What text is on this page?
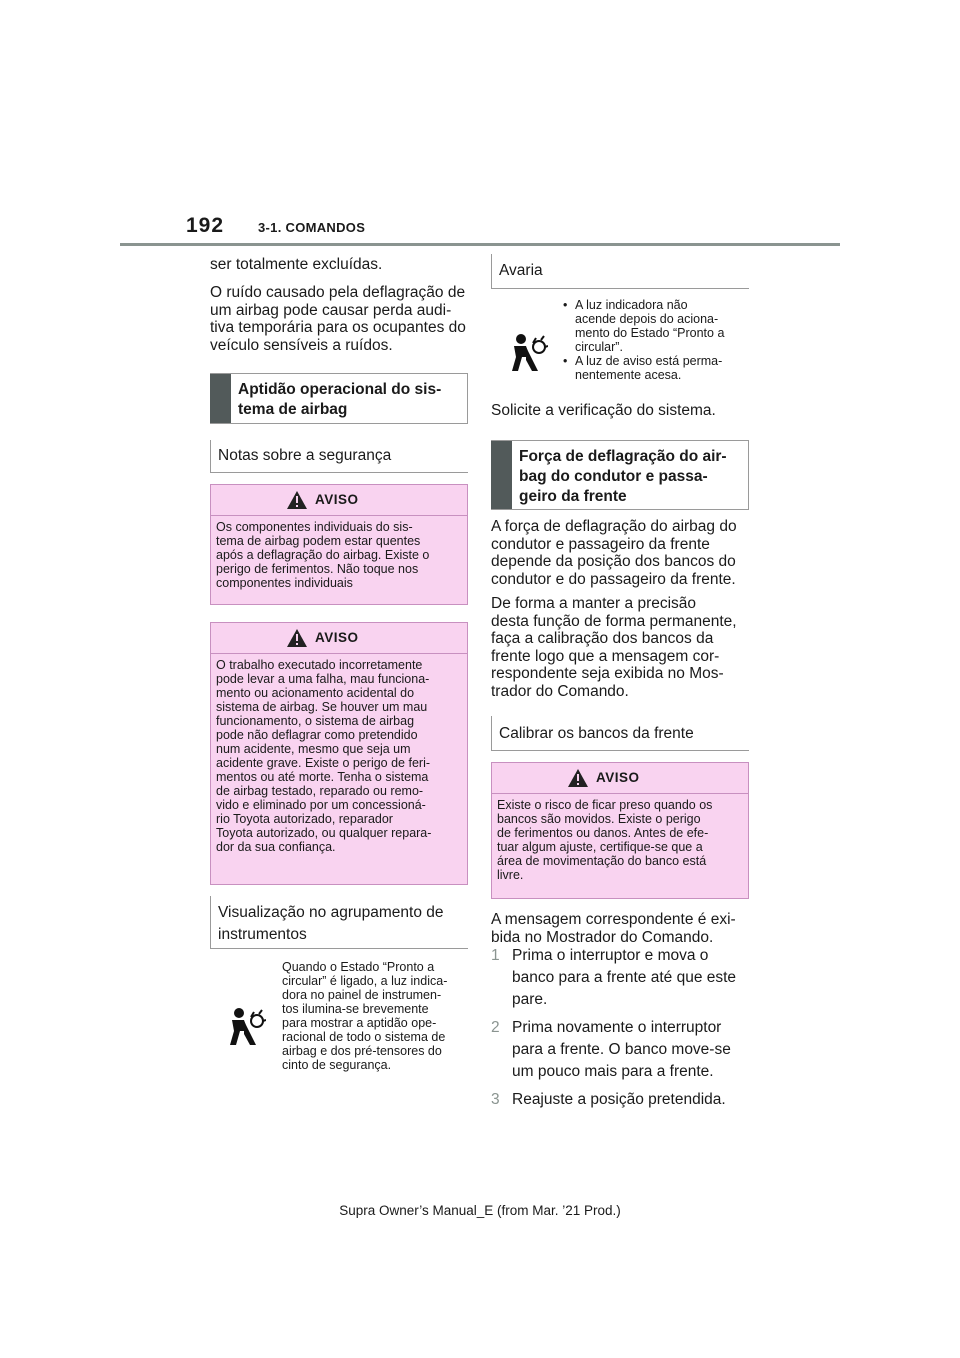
192	3-1. COMANDOS

ser totalmente excluídas.

O ruído causado pela deflagração de
um airbag pode causar perda audi-
tiva temporária para os ocupantes do
veículo sensíveis a ruídos.
Aptidão operacional do sis-
tema de airbag
Notas sobre a segurança
AVISO
Os componentes individuais do sis-
tema de airbag podem estar quentes
após a deflagração do airbag. Existe o
perigo de ferimentos. Não toque nos
componentes individuais
AVISO
O trabalho executado incorretamente
pode levar a uma falha, mau funciona-
mento ou acionamento acidental do
sistema de airbag. Se houver um mau
funcionamento, o sistema de airbag
pode não deflagrar como pretendido
num acidente, mesmo que seja um
acidente grave. Existe o perigo de feri-
mentos ou até morte. Tenha o sistema
de airbag testado, reparado ou remo-
vido e eliminado por um concessioná-
rio Toyota autorizado, reparador
Toyota autorizado, ou qualquer repara-
dor da sua confiança.
Visualização no agrupamento de
instrumentos
Quando o Estado “Pronto a
circular” é ligado, a luz indica-
dora no painel de instrumen-
tos ilumina-se brevemente
para mostrar a aptidão ope-
racional de todo o sistema de
airbag e dos pré-tensores do
cinto de segurança.
Avaria
• A luz indicadora não
acende depois do aciona-
mento do Estado “Pronto a
circular”.
• A luz de aviso está perma-
nentemente acesa.

Solicite a verificação do sistema.

Força de deflagração do air-
bag do condutor e passa-
geiro da frente
A força de deflagração do airbag do
condutor e passageiro da frente
depende da posição dos bancos do
condutor e do passageiro da frente.
De forma a manter a precisão
desta função de forma permanente,
faça a calibração dos bancos da
frente logo que a mensagem cor-
respondente seja exibida no Mos-
trador do Comando.
Calibrar os bancos da frente
AVISO
Existe o risco de ficar preso quando os
bancos são movidos. Existe o perigo
de ferimentos ou danos. Antes de efe-
tuar algum ajuste, certifique-se que a
área de movimentação do banco está
livre.
A mensagem correspondente é exi-
bida no Mostrador do Comando.
1 Prima o interruptor e mova o
banco para a frente até que este
pare.
2 Prima novamente o interruptor
para a frente. O banco move-se
um pouco mais para a frente.
3 Reajuste a posição pretendida.
Supra Owner’s Manual_E (from Mar. ’21 Prod.)
